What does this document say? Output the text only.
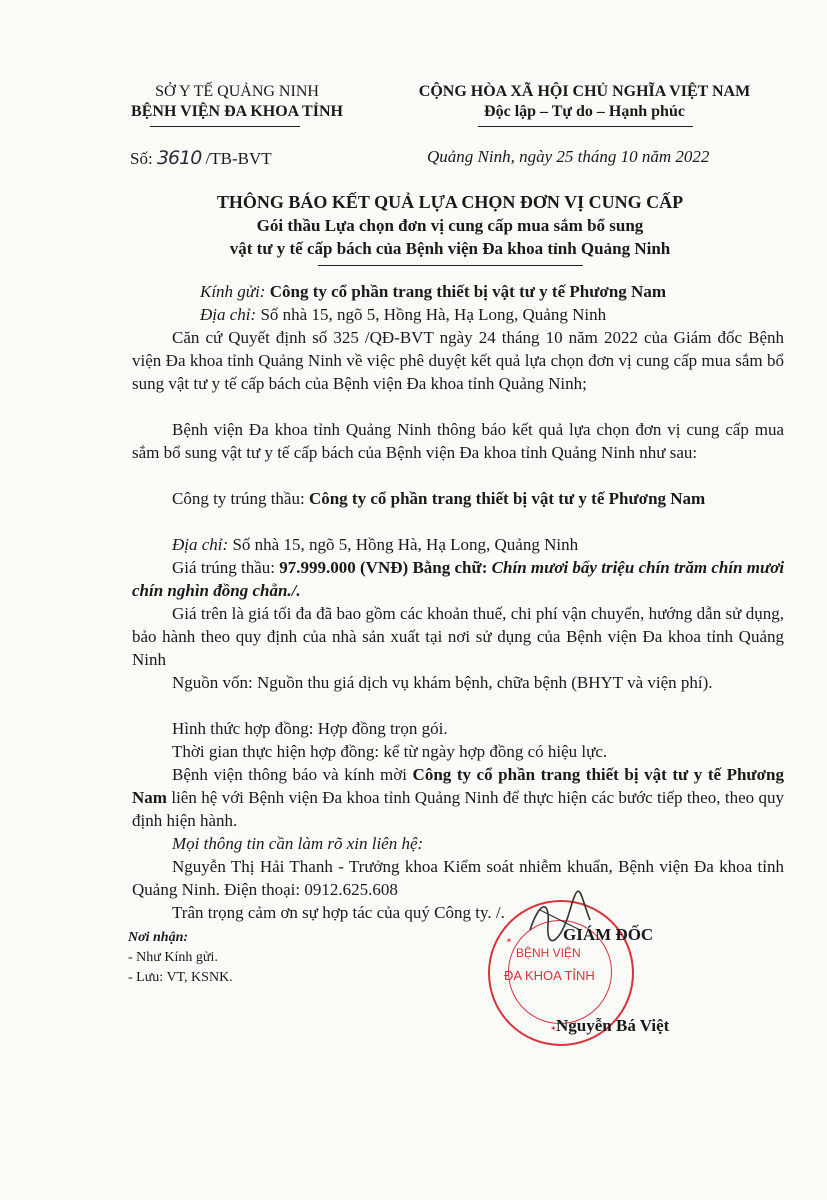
SỞ Y TẾ QUẢNG NINH
BỆNH VIỆN ĐA KHOA TỈNH
CỘNG HÒA XÃ HỘI CHỦ NGHĨA VIỆT NAM
Độc lập – Tự do – Hạnh phúc
Số: 3610 /TB-BVT	Quảng Ninh, ngày 25 tháng 10 năm 2022
THÔNG BÁO KẾT QUẢ LỰA CHỌN ĐƠN VỊ CUNG CẤP
Gói thầu Lựa chọn đơn vị cung cấp mua sắm bổ sung
vật tư y tế cấp bách của Bệnh viện Đa khoa tỉnh Quảng Ninh
Kính gửi: Công ty cổ phần trang thiết bị vật tư y tế Phương Nam
Địa chỉ: Số nhà 15, ngõ 5, Hồng Hà, Hạ Long, Quảng Ninh
Căn cứ Quyết định số 325 /QĐ-BVT ngày 24 tháng 10 năm 2022 của Giám đốc Bệnh viện Đa khoa tỉnh Quảng Ninh về việc phê duyệt kết quả lựa chọn đơn vị cung cấp mua sắm bổ sung vật tư y tế cấp bách của Bệnh viện Đa khoa tỉnh Quảng Ninh;
Bệnh viện Đa khoa tỉnh Quảng Ninh thông báo kết quả lựa chọn đơn vị cung cấp mua sắm bổ sung vật tư y tế cấp bách của Bệnh viện Đa khoa tỉnh Quảng Ninh như sau:
Công ty trúng thầu: Công ty cổ phần trang thiết bị vật tư y tế Phương Nam
Địa chỉ: Số nhà 15, ngõ 5, Hồng Hà, Hạ Long, Quảng Ninh
Giá trúng thầu: 97.999.000 (VNĐ) Bằng chữ: Chín mươi bẩy triệu chín trăm chín mươi chín nghìn đồng chẵn./.
Giá trên là giá tối đa đã bao gồm các khoản thuế, chi phí vận chuyển, hướng dẫn sử dụng, bảo hành theo quy định của nhà sản xuất tại nơi sử dụng của Bệnh viện Đa khoa tỉnh Quảng Ninh
Nguồn vốn: Nguồn thu giá dịch vụ khám bệnh, chữa bệnh (BHYT và viện phí).
Hình thức hợp đồng: Hợp đồng trọn gói.
Thời gian thực hiện hợp đồng: kể từ ngày hợp đồng có hiệu lực.
Bệnh viện thông báo và kính mời Công ty cổ phần trang thiết bị vật tư y tế Phương Nam liên hệ với Bệnh viện Đa khoa tỉnh Quảng Ninh để thực hiện các bước tiếp theo, theo quy định hiện hành.
Mọi thông tin cần làm rõ xin liên hệ:
Nguyễn Thị Hải Thanh - Trưởng khoa Kiểm soát nhiễm khuẩn, Bệnh viện Đa khoa tỉnh Quảng Ninh. Điện thoại: 0912.625.608
Trân trọng cảm ơn sự hợp tác của quý Công ty. /.
Nơi nhận:
- Như Kính gửi.
- Lưu: VT, KSNK.
BỆNH VIỆN
ĐA KHOA TỈNH
✶
✶
GIÁM ĐỐC
Nguyễn Bá Việt
